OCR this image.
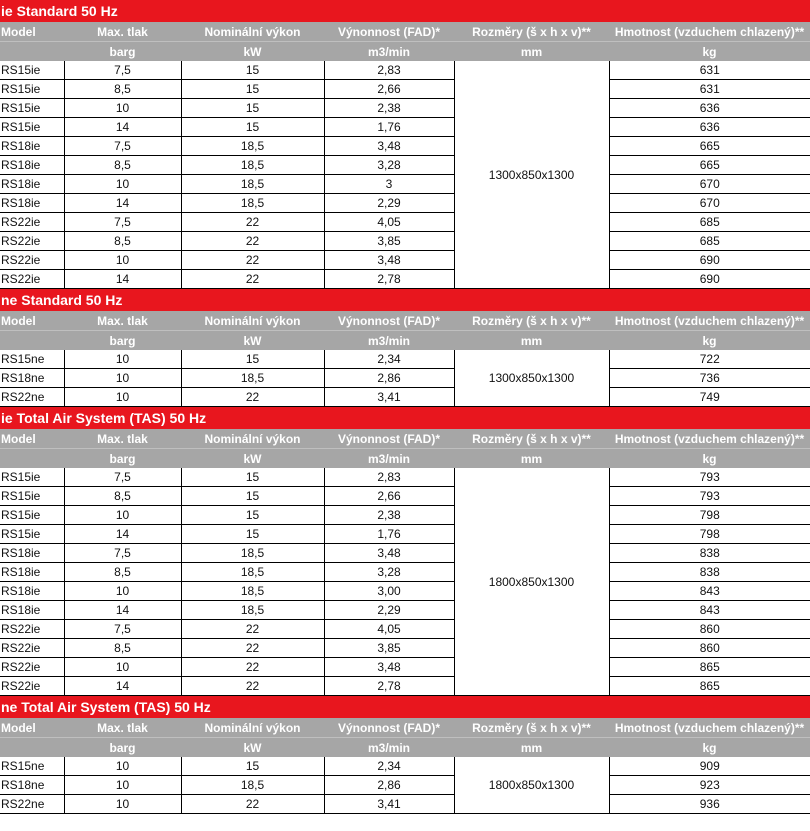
ie Standard 50 Hz
Model	Max. tlak	Nominální výkon	Výnonnost (FAD)*	Rozměry (š x h x v)**	Hmotnost (vzduchem chlazený)**
	barg	kW	m3/min	mm	kg
RS15ie	7,5	15	2,83	1300x850x1300	631
RS15ie	8,5	15	2,66		631
RS15ie	10	15	2,38		636
RS15ie	14	15	1,76		636
RS18ie	7,5	18,5	3,48		665
RS18ie	8,5	18,5	3,28		665
RS18ie	10	18,5	3		670
RS18ie	14	18,5	2,29		670
RS22ie	7,5	22	4,05		685
RS22ie	8,5	22	3,85		685
RS22ie	10	22	3,48		690
RS22ie	14	22	2,78		690
ne Standard 50 Hz
Model	Max. tlak	Nominální výkon	Výnonnost (FAD)*	Rozměry (š x h x v)**	Hmotnost (vzduchem chlazený)**
	barg	kW	m3/min	mm	kg
RS15ne	10	15	2,34	1300x850x1300	722
RS18ne	10	18,5	2,86		736
RS22ne	10	22	3,41		749
ie Total Air System (TAS) 50 Hz
Model	Max. tlak	Nominální výkon	Výnonnost (FAD)*	Rozměry (š x h x v)**	Hmotnost (vzduchem chlazený)**
	barg	kW	m3/min	mm	kg
RS15ie	7,5	15	2,83	1800x850x1300	793
RS15ie	8,5	15	2,66		793
RS15ie	10	15	2,38		798
RS15ie	14	15	1,76		798
RS18ie	7,5	18,5	3,48		838
RS18ie	8,5	18,5	3,28		838
RS18ie	10	18,5	3,00		843
RS18ie	14	18,5	2,29		843
RS22ie	7,5	22	4,05		860
RS22ie	8,5	22	3,85		860
RS22ie	10	22	3,48		865
RS22ie	14	22	2,78		865
ne Total Air System (TAS) 50 Hz
Model	Max. tlak	Nominální výkon	Výnonnost (FAD)*	Rozměry (š x h x v)**	Hmotnost (vzduchem chlazený)**
	barg	kW	m3/min	mm	kg
RS15ne	10	15	2,34	1800x850x1300	909
RS18ne	10	18,5	2,86		923
RS22ne	10	22	3,41		936
